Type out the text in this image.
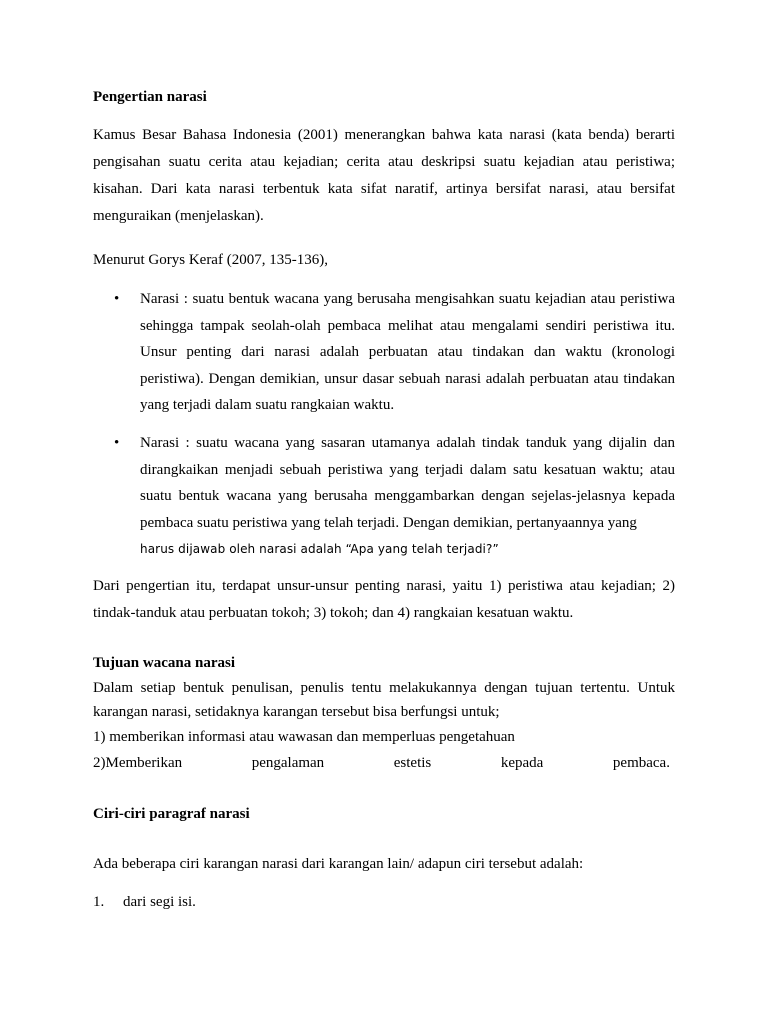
Pengertian narasi

Kamus Besar Bahasa Indonesia (2001) menerangkan bahwa kata narasi (kata benda) berarti pengisahan suatu cerita atau kejadian; cerita atau deskripsi suatu kejadian atau peristiwa; kisahan. Dari kata narasi terbentuk kata sifat naratif, artinya bersifat narasi, atau bersifat menguraikan (menjelaskan).

Menurut Gorys Keraf (2007, 135-136),

• Narasi : suatu bentuk wacana yang berusaha mengisahkan suatu kejadian atau peristiwa sehingga tampak seolah-olah pembaca melihat atau mengalami sendiri peristiwa itu. Unsur penting dari narasi adalah perbuatan atau tindakan dan waktu (kronologi peristiwa). Dengan demikian, unsur dasar sebuah narasi adalah perbuatan atau tindakan yang terjadi dalam suatu rangkaian waktu.

• Narasi : suatu wacana yang sasaran utamanya adalah tindak tanduk yang dijalin dan dirangkaikan menjadi sebuah peristiwa yang terjadi dalam satu kesatuan waktu; atau suatu bentuk wacana yang berusaha menggambarkan dengan sejelas-jelasnya kepada pembaca suatu peristiwa yang telah terjadi. Dengan demikian, pertanyaannya yang
harus dijawab oleh narasi adalah “Apa yang telah terjadi?”

Dari pengertian itu, terdapat unsur-unsur penting narasi, yaitu 1) peristiwa atau kejadian; 2) tindak-tanduk atau perbuatan tokoh; 3) tokoh; dan 4) rangkaian kesatuan waktu.

Tujuan wacana narasi

Dalam setiap bentuk penulisan, penulis tentu melakukannya dengan tujuan tertentu. Untuk karangan narasi, setidaknya karangan tersebut bisa berfungsi untuk;

1) memberikan informasi atau wawasan dan memperluas pengetahuan

2)Memberikan	pengalaman	estetis	kepada	pembaca.

Ciri-ciri paragraf narasi

Ada beberapa ciri karangan narasi dari karangan lain/ adapun ciri tersebut adalah:

1. dari segi isi.
